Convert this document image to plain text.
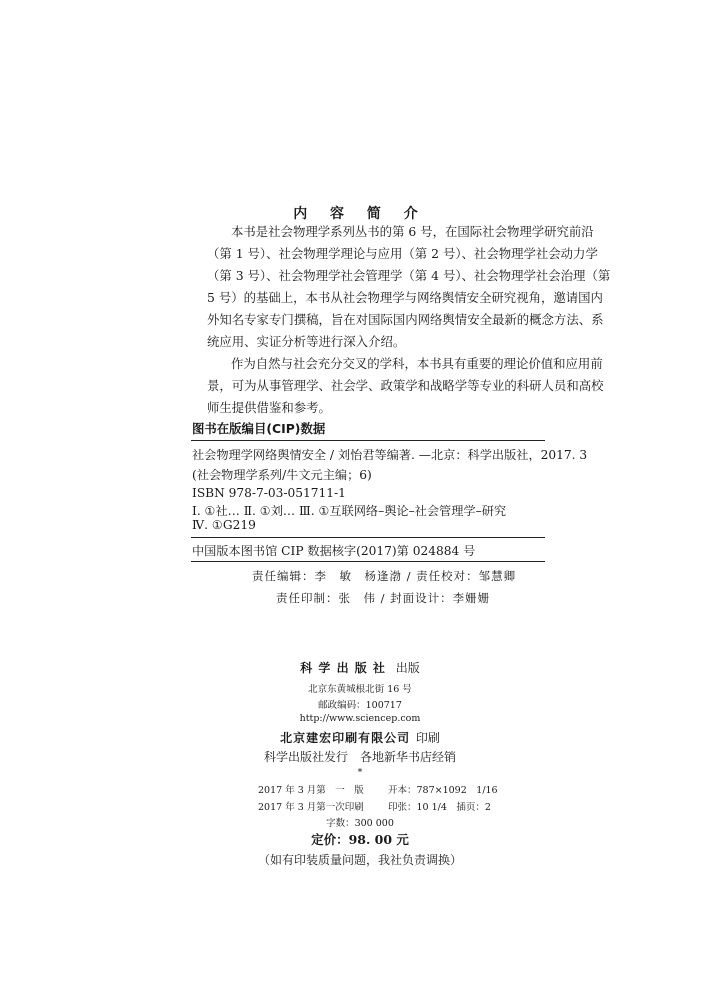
内 容 简 介
本书是社会物理学系列丛书的第 6 号，在国际社会物理学研究前沿
（第 1 号）、社会物理学理论与应用（第 2 号）、社会物理学社会动力学
（第 3 号）、社会物理学社会管理学（第 4 号）、社会物理学社会治理（第
5 号）的基础上，本书从社会物理学与网络舆情安全研究视角，邀请国内
外知名专家专门撰稿，旨在对国际国内网络舆情安全最新的概念方法、系
统应用、实证分析等进行深入介绍。
作为自然与社会充分交叉的学科，本书具有重要的理论价值和应用前
景，可为从事管理学、社会学、政策学和战略学等专业的科研人员和高校
师生提供借鉴和参考。
图书在版编目(CIP)数据
社会物理学网络舆情安全 / 刘怡君等编著. —北京：科学出版社，2017. 3
(社会物理学系列/牛文元主编；6)
ISBN 978-7-03-051711-1
Ⅰ. ①社… Ⅱ. ①刘… Ⅲ. ①互联网络–舆论–社会管理学–研究
Ⅳ. ①G219
中国版本图书馆 CIP 数据核字(2017)第 024884 号
责任编辑：李　敏　杨逢渤 / 责任校对：邹慧卿
责任印制：张　伟 / 封面设计：李姗姗
科 学 出 版 社 出版
北京东黄城根北街 16 号
邮政编码：100717
http://www.sciencep.com
北京建宏印刷有限公司 印刷
科学出版社发行　各地新华书店经销
*
2017 年 3 月第　一　版	开本：787×1092　1/16
2017 年 3 月第一次印刷	印张：10 1/4　插页：2
字数：300 000
定价：98. 00 元
（如有印装质量问题，我社负责调换）
